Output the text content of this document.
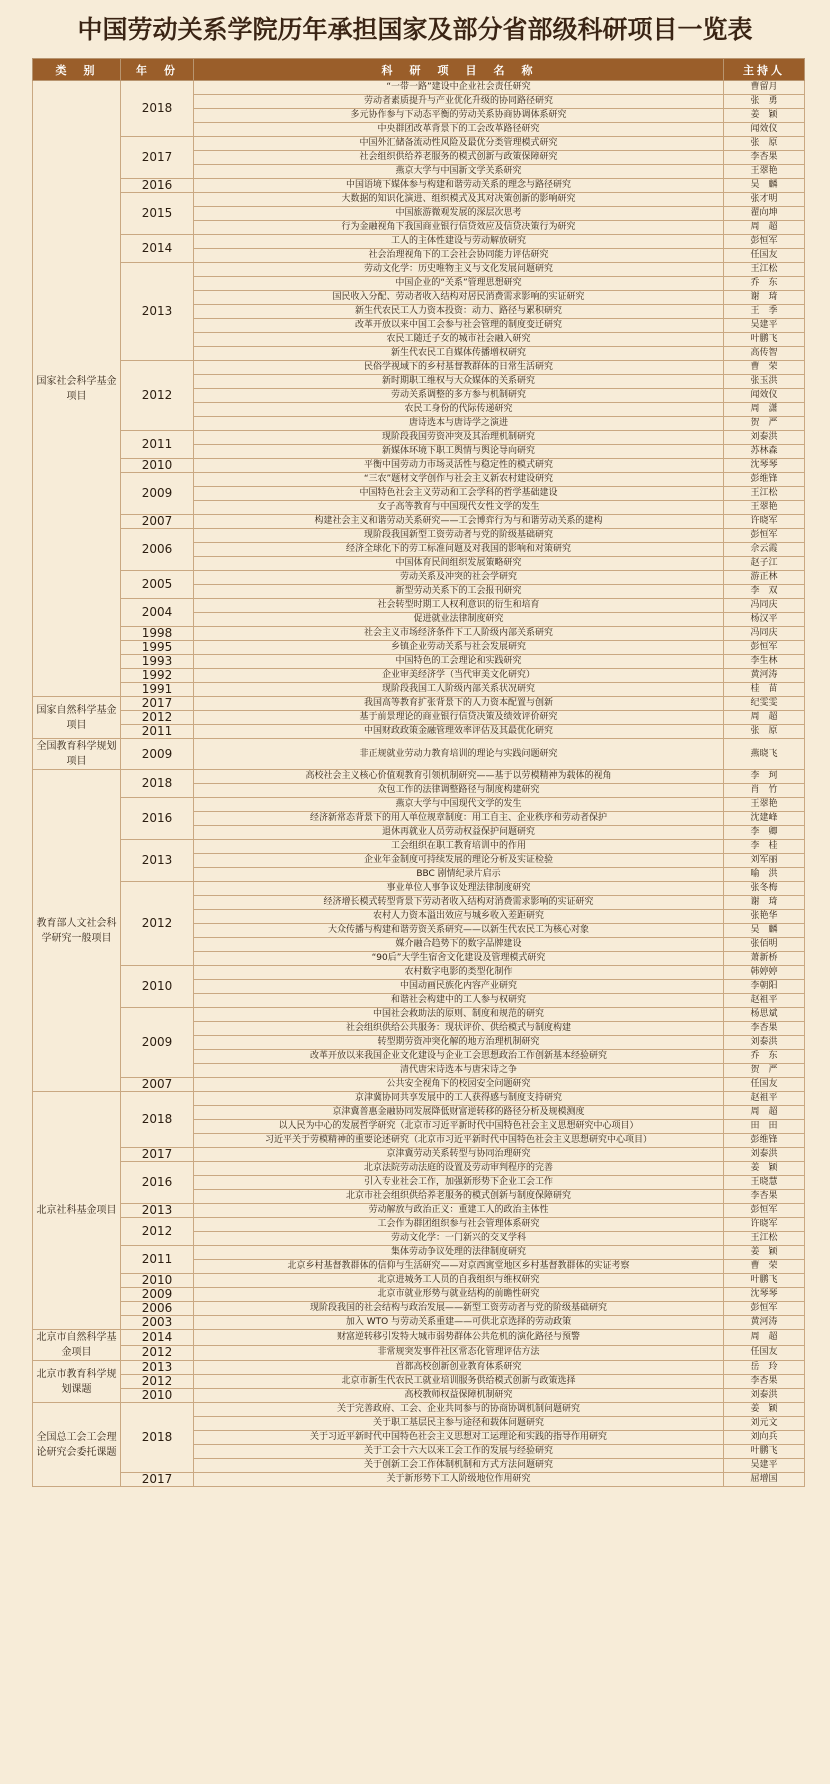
中国劳动关系学院历年承担国家及部分省部级科研项目一览表
类　别	年　份	科　研　项　目　名　称	主持人
国家社会科学基金项目	2018	“一带一路”建设中企业社会责任研究	曹留月
		劳动者素质提升与产业优化升级的协同路径研究	张　勇
		多元协作参与下动态平衡的劳动关系协商协调体系研究	姜　颖
		中央群团改革背景下的工会改革路径研究	闻效仪
	2017	中国外汇储备流动性风险及最优分类管理模式研究	张　原
		社会组织供给养老服务的模式创新与政策保障研究	李杏果
		燕京大学与中国新文学关系研究	王翠艳
	2016	中国语境下媒体参与构建和谐劳动关系的理念与路径研究	吴　麟
	2015	大数据的知识化演进、组织模式及其对决策创新的影响研究	张才明
		中国旅游微观发展的深层次思考	翟向坤
		行为金融视角下我国商业银行信贷效应及信贷决策行为研究	周　超
	2014	工人的主体性建设与劳动解放研究	彭恒军
		社会治理视角下的工会社会协同能力评估研究	任国友
	2013	劳动文化学：历史唯物主义与文化发展问题研究	王江松
		中国企业的“关系”管理思想研究	乔　东
		国民收入分配、劳动者收入结构对居民消费需求影响的实证研究	谢　琦
		新生代农民工人力资本投资：动力、路径与累积研究	王　季
		改革开放以来中国工会参与社会管理的制度变迁研究	吴建平
		农民工随迁子女的城市社会融入研究	叶鹏飞
		新生代农民工自媒体传播增权研究	高传智
	2012	民俗学视域下的乡村基督教群体的日常生活研究	曹　荣
		新时期职工维权与大众媒体的关系研究	张玉洪
		劳动关系调整的多方参与机制研究	闻效仪
		农民工身份的代际传递研究	周　潇
		唐诗选本与唐诗学之演进	贺　严
	2011	现阶段我国劳资冲突及其治理机制研究	刘泰洪
		新媒体环境下职工舆情与舆论导向研究	苏林森
	2010	平衡中国劳动力市场灵活性与稳定性的模式研究	沈琴琴
	2009	“三农”题材文学创作与社会主义新农村建设研究	彭维锋
		中国特色社会主义劳动和工会学科的哲学基础建设	王江松
		女子高等教育与中国现代女性文学的发生	王翠艳
	2007	构建社会主义和谐劳动关系研究——工会博弈行为与和谐劳动关系的建构	许晓军
	2006	现阶段我国新型工资劳动者与党的阶级基础研究	彭恒军
		经济全球化下的劳工标准问题及对我国的影响和对策研究	佘云霞
		中国体育民间组织发展策略研究	赵子江
	2005	劳动关系及冲突的社会学研究	游正林
		新型劳动关系下的工会报刊研究	李　双
	2004	社会转型时期工人权利意识的衍生和培育	冯同庆
		促进就业法律制度研究	杨汉平
	1998	社会主义市场经济条件下工人阶级内部关系研究	冯同庆
	1995	乡镇企业劳动关系与社会发展研究	彭恒军
	1993	中国特色的工会理论和实践研究	李生林
	1992	企业审美经济学（当代审美文化研究）	黄河涛
	1991	现阶段我国工人阶级内部关系状况研究	桂　苗
国家自然科学基金项目	2017	我国高等教育扩张背景下的人力资本配置与创新	纪雯雯
	2012	基于前景理论的商业银行信贷决策及绩效评价研究	周　超
	2011	中国财政政策金融管理效率评估及其最优化研究	张　原
全国教育科学规划项目	2009	非正规就业劳动力教育培训的理论与实践问题研究	燕晓飞
教育部人文社会科学研究一般项目	2018	高校社会主义核心价值观教育引领机制研究——基于以劳模精神为载体的视角	李　珂
		众包工作的法律调整路径与制度构建研究	肖　竹
	2016	燕京大学与中国现代文学的发生	王翠艳
		经济新常态背景下的用人单位规章制度：用工自主、企业秩序和劳动者保护	沈建峰
		退休再就业人员劳动权益保护问题研究	李　卿
	2013	工会组织在职工教育培训中的作用	李　桂
		企业年金制度可持续发展的理论分析及实证检验	刘军丽
		BBC 剧情纪录片启示	喻　洪
	2012	事业单位人事争议处理法律制度研究	张冬梅
		经济增长模式转型背景下劳动者收入结构对消费需求影响的实证研究	谢　琦
		农村人力资本溢出效应与城乡收入差距研究	张艳华
		大众传播与构建和谐劳资关系研究——以新生代农民工为核心对象	吴　麟
		媒介融合趋势下的数字品牌建设	张佰明
		“90后”大学生宿舍文化建设及管理模式研究	萧新桥
	2010	农村数字电影的类型化制作	韩婷婷
		中国动画民族化内容产业研究	李朝阳
		和谐社会构建中的工人参与权研究	赵祖平
	2009	中国社会救助法的原则、制度和规范的研究	杨思斌
		社会组织供给公共服务：现状评价、供给模式与制度构建	李杏果
		转型期劳资冲突化解的地方治理机制研究	刘泰洪
		改革开放以来我国企业文化建设与企业工会思想政治工作创新基本经验研究	乔　东
		清代唐宋诗选本与唐宋诗之争	贺　严
	2007	公共安全视角下的校园安全问题研究	任国友
北京社科基金项目	2018	京津冀协同共享发展中的工人获得感与制度支持研究	赵祖平
		京津冀普惠金融协同发展降低财富逆转移的路径分析及规模测度	周　超
		以人民为中心的发展哲学研究（北京市习近平新时代中国特色社会主义思想研究中心项目）	田　田
		习近平关于劳模精神的重要论述研究（北京市习近平新时代中国特色社会主义思想研究中心项目）	彭维锋
	2017	京津冀劳动关系转型与协同治理研究	刘泰洪
	2016	北京法院劳动法庭的设置及劳动审判程序的完善	姜　颖
		引入专业社会工作，加强新形势下企业工会工作	王晓慧
		北京市社会组织供给养老服务的模式创新与制度保障研究	李杏果
	2013	劳动解放与政治正义：重建工人的政治主体性	彭恒军
	2012	工会作为群团组织参与社会管理体系研究	许晓军
		劳动文化学：一门新兴的交叉学科	王江松
	2011	集体劳动争议处理的法律制度研究	姜　颖
		北京乡村基督教群体的信仰与生活研究——对京西寓堂地区乡村基督教群体的实证考察	曹　荣
	2010	北京进城务工人员的自我组织与维权研究	叶鹏飞
	2009	北京市就业形势与就业结构的前瞻性研究	沈琴琴
	2006	现阶段我国的社会结构与政治发展——新型工资劳动者与党的阶级基础研究	彭恒军
	2003	加入 WTO 与劳动关系重建——可供北京选择的劳动政策	黄河涛
北京市自然科学基金项目	2014	财富逆转移引发特大城市弱势群体公共危机的演化路径与预警	周　超
	2012	非常规突发事件社区常态化管理评估方法	任国友
北京市教育科学规划课题	2013	首都高校创新创业教育体系研究	岳　玲
	2012	北京市新生代农民工就业培训服务供给模式创新与政策选择	李杏果
	2010	高校教师权益保障机制研究	刘泰洪
全国总工会工会理论研究会委托课题	2018	关于完善政府、工会、企业共同参与的协商协调机制问题研究	姜　颖
		关于职工基层民主参与途径和载体问题研究	刘元文
		关于习近平新时代中国特色社会主义思想对工运理论和实践的指导作用研究	刘向兵
		关于工会十六大以来工会工作的发展与经验研究	叶鹏飞
		关于创新工会工作体制机制和方式方法问题研究	吴建平
	2017	关于新形势下工人阶级地位作用研究	屈增国
